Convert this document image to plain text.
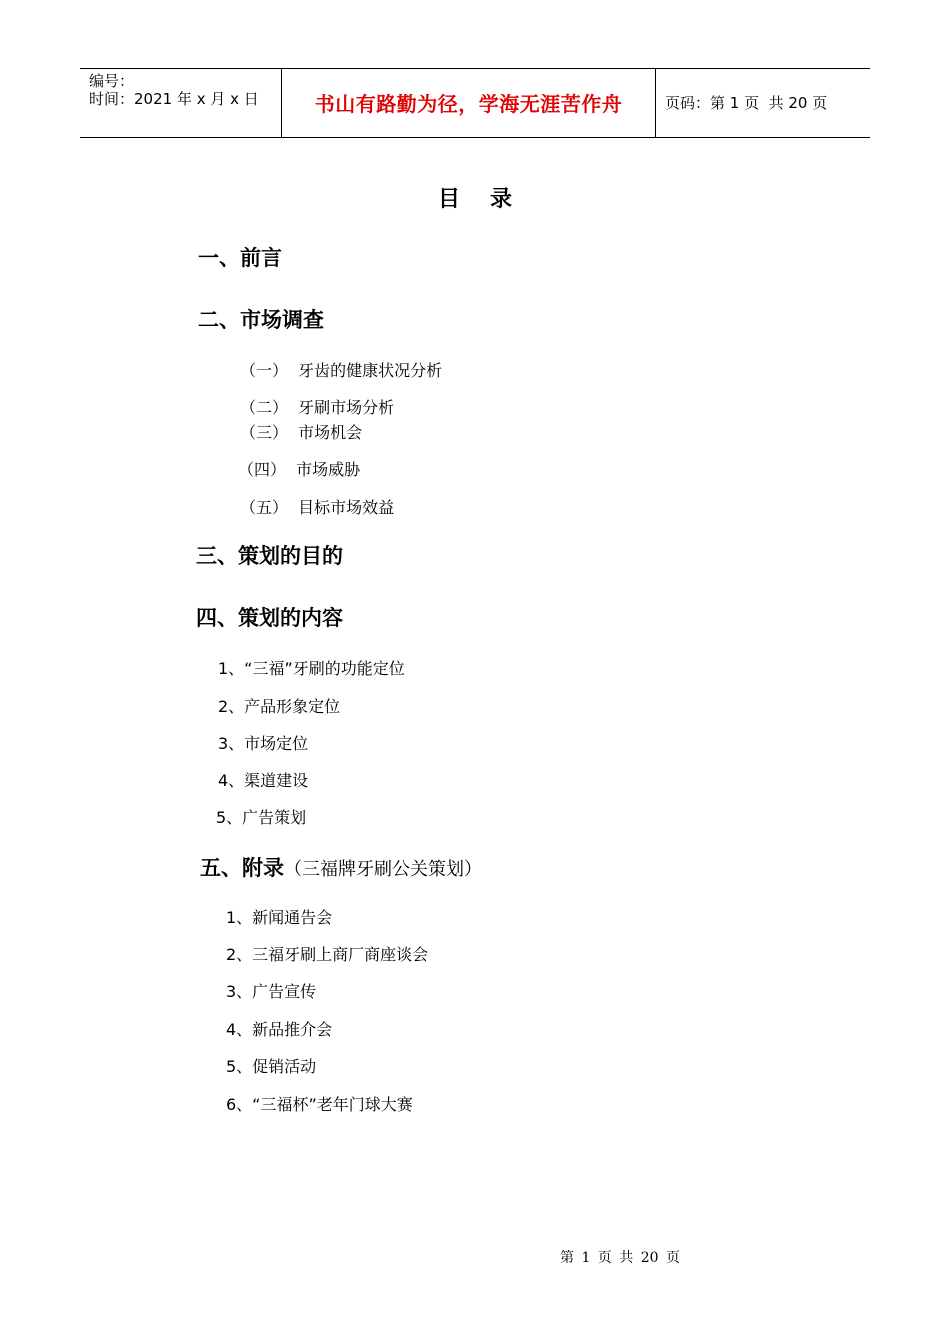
编号：
时间：2021 年 x 月 x 日	书山有路勤为径，学海无涯苦作舟	页码：第 1 页  共 20 页
目录
一、前言
二、市场调查
（一）  牙齿的健康状况分析
（二）  牙刷市场分析
（三）  市场机会
（四）  市场威胁
（五）  目标市场效益
三、策划的目的
四、策划的内容
1、“三福”牙刷的功能定位
2、产品形象定位
3、市场定位
4、渠道建设
5、广告策划
五、附录（三福牌牙刷公关策划）
1、新闻通告会
2、三福牙刷上商厂商座谈会
3、广告宣传
4、新品推介会
5、促销活动
6、“三福杯”老年门球大赛
第 1 页 共 20 页
